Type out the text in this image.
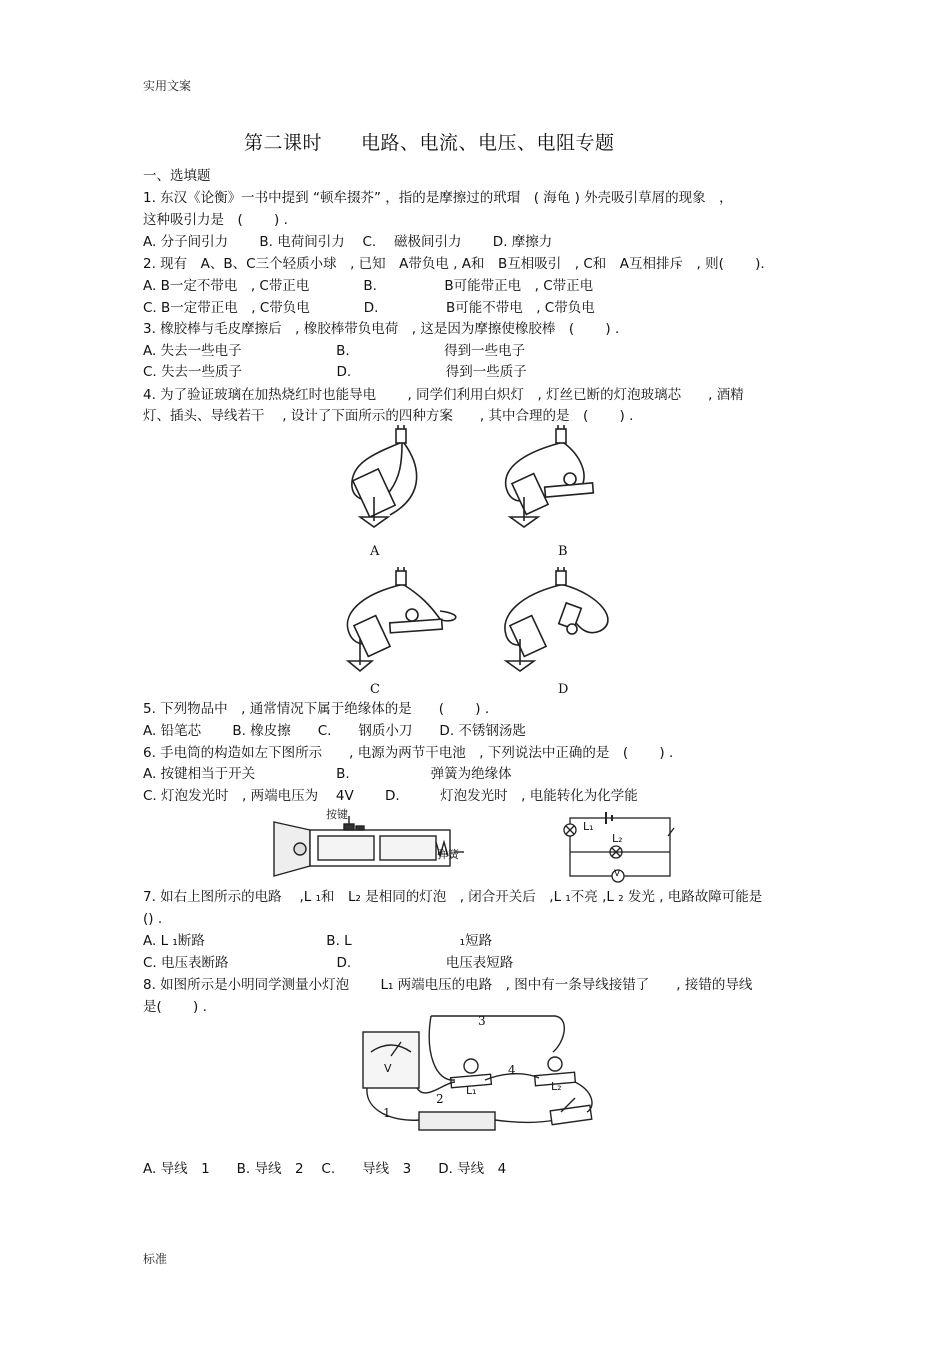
实用文案
第二课时　　电路、电流、电压、电阻专题
一、选填题
1. 东汉《论衡》一书中提到 “顿牟掇芥” ，指的是摩擦过的玳瑁　( 海龟 ) 外壳吸引草屑的现象　，
这种吸引力是　(　　 ) .
A. 分子间引力　　 B. 电荷间引力　 C.　 磁极间引力　　 D. 摩擦力
2. 现有　A、B、C三个轻质小球　, 已知　A带负电 , A和　B互相吸引　, C和　A互相排斥　, 则(　　 ).
A. B一定不带电　, C带正电　　　　B.　　　　　B可能带正电　, C带正电
C. B一定带正电　, C带负电　　　　D.　　　　　B可能不带电　, C带负电
3. 橡胶棒与毛皮摩擦后　, 橡胶棒带负电荷　, 这是因为摩擦使橡胶棒　(　　 ) .
A. 失去一些电子　　　　　　　B.　　　　　　　得到一些电子
C. 失去一些质子　　　　　　　D.　　　　　　　得到一些质子
4. 为了验证玻璃在加热烧红时也能导电　　 , 同学们利用白炽灯　, 灯丝已断的灯泡玻璃芯　　, 酒精
灯、插头、导线若干　 , 设计了下面所示的四种方案　　, 其中合理的是　(　　 ) .
A	B
C	D
5. 下列物品中　, 通常情况下属于绝缘体的是　　(　　 ) .
A. 铅笔芯　　 B. 橡皮擦　　C.　　钢质小刀　　D. 不锈钢汤匙
6. 手电筒的构造如左下图所示　　, 电源为两节干电池　, 下列说法中正确的是　(　　 ) .
A. 按键相当于开关　　　　　　B.　　　　　　弹簧为绝缘体
C. 灯泡发光时　, 两端电压为　 4V　　 D.　　　灯泡发光时　, 电能转化为化学能
按键
弹簧
L₁
L₂
V
7. 如右上图所示的电路　 ,L ₁和　L₂ 是相同的灯泡　, 闭合开关后　,L ₁不亮 ,L ₂ 发光 , 电路故障可能是
() .
A. L ₁断路　　　　　　　　　B. L　　　　　　　　₁短路
C. 电压表断路　　　　　　　　D.　　　　　　　电压表短路
8. 如图所示是小明同学测量小灯泡　　 L₁ 两端电压的电路　, 图中有一条导线接错了　　, 接错的导线
是(　　 ) .
V
L₁	L₂
1
2
3
4
A. 导线　1　　B. 导线　2　 C.　　导线　3　　D. 导线　4
标准
